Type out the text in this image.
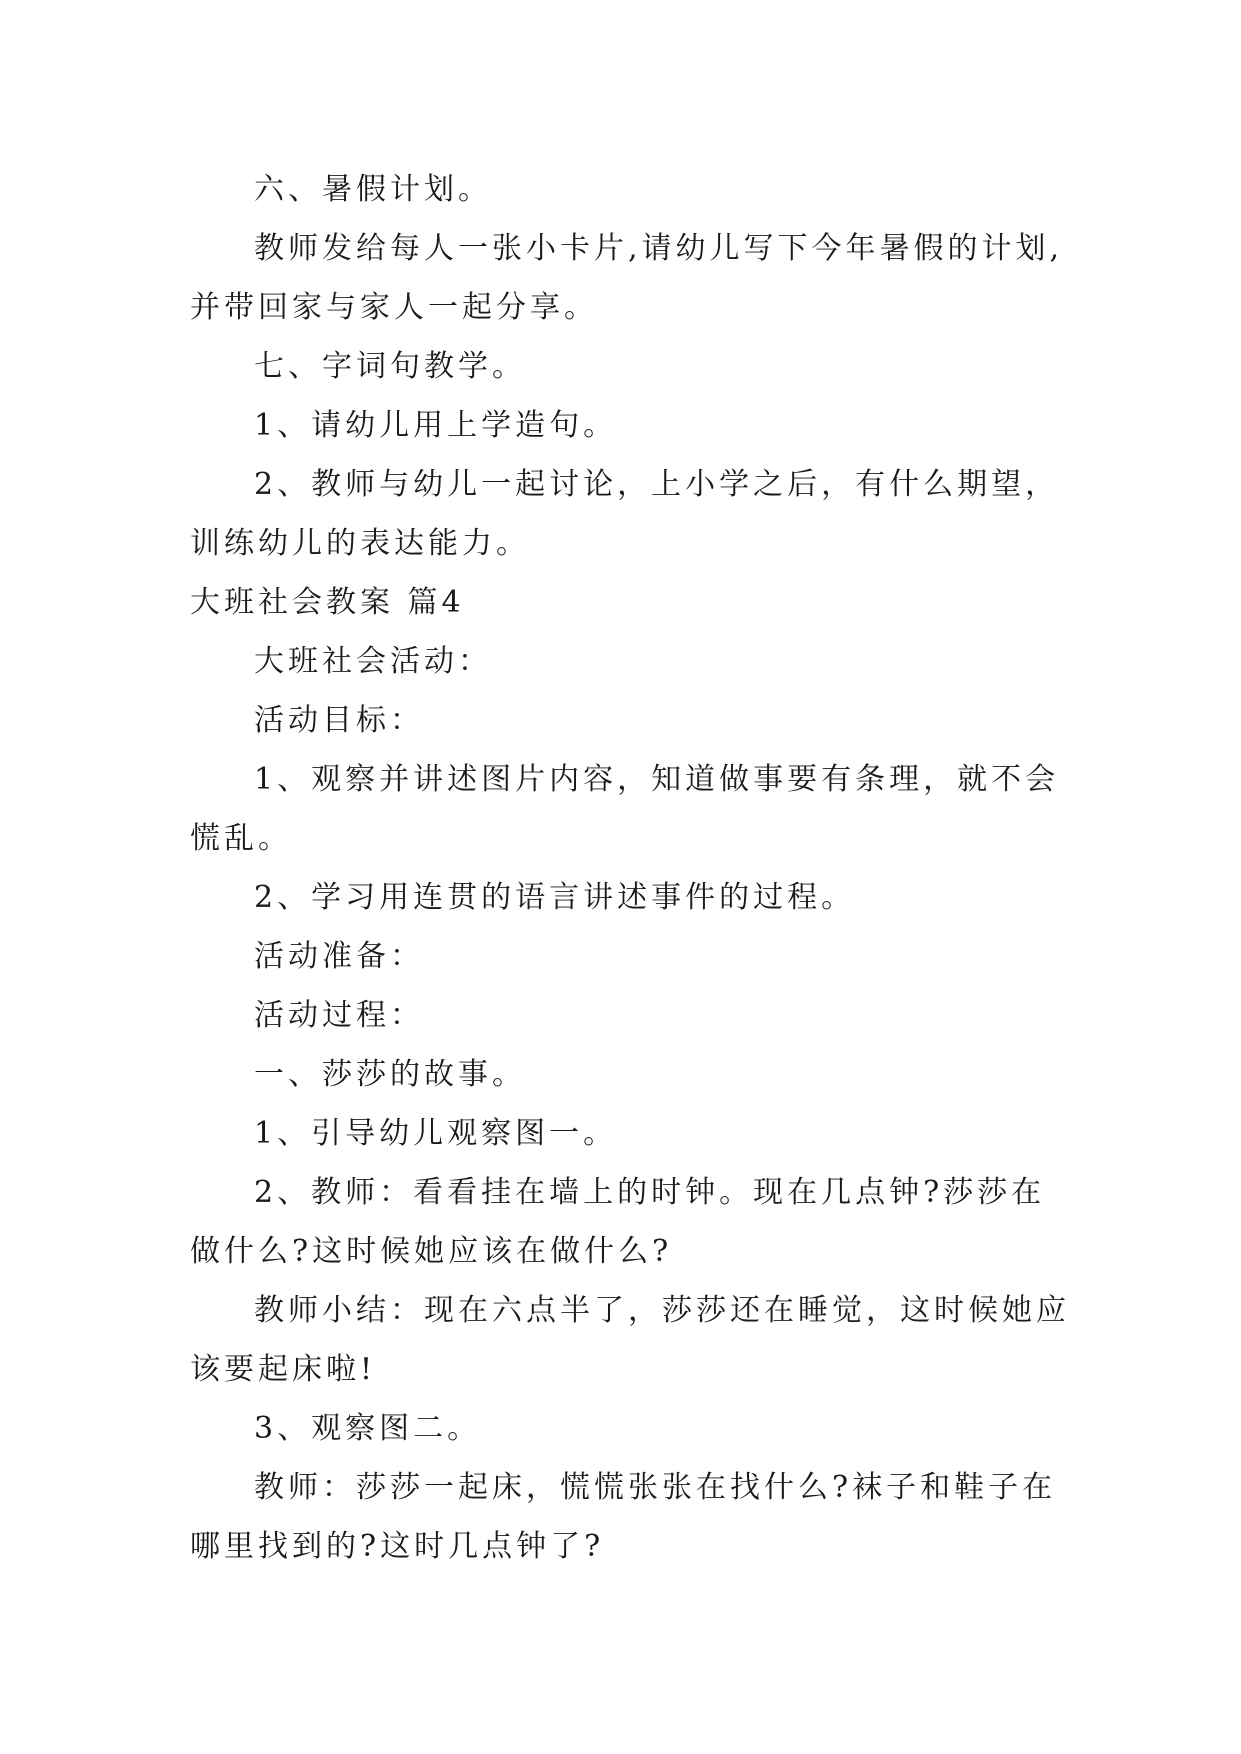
六、暑假计划。

教师发给每人一张小卡片,请幼儿写下今年暑假的计划,并带回家与家人一起分享。

七、字词句教学。

1、请幼儿用上学造句。

2、教师与幼儿一起讨论，上小学之后，有什么期望，训练幼儿的表达能力。

大班社会教案 篇4

大班社会活动：

活动目标：

1、观察并讲述图片内容，知道做事要有条理，就不会慌乱。

2、学习用连贯的语言讲述事件的过程。

活动准备：

活动过程：

一、莎莎的故事。

1、引导幼儿观察图一。

2、教师：看看挂在墙上的时钟。现在几点钟?莎莎在做什么?这时候她应该在做什么?

教师小结：现在六点半了，莎莎还在睡觉，这时候她应该要起床啦!

3、观察图二。

教师：莎莎一起床，慌慌张张在找什么?袜子和鞋子在哪里找到的?这时几点钟了?
